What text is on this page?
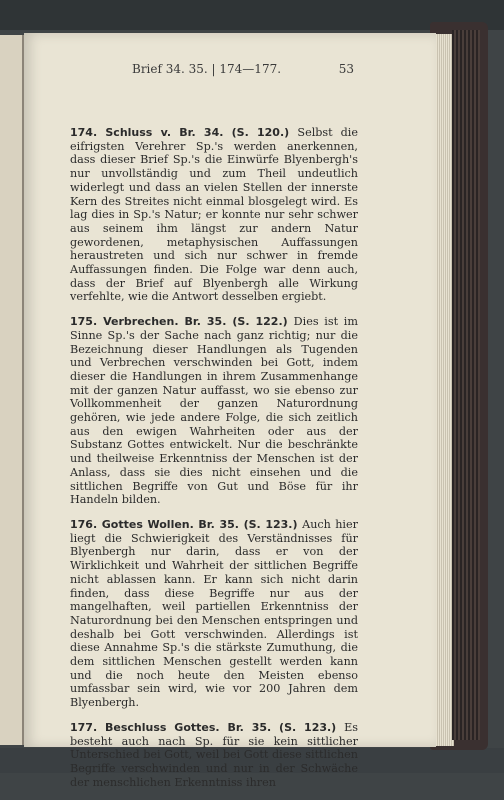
Brief 34. 35. | 174—177.	53

174. Schluss v. Br. 34. (S. 120.) Selbst die eifrigsten Verehrer Sp.'s werden anerkennen, dass dieser Brief Sp.'s die Einwürfe Blyenbergh's nur unvollständig und zum Theil undeutlich widerlegt und dass an vielen Stellen der innerste Kern des Streites nicht einmal blosgelegt wird. Es lag dies in Sp.'s Natur; er konnte nur sehr schwer aus seinem ihm längst zur andern Natur gewordenen, metaphysischen Auffassungen heraustreten und sich nur schwer in fremde Auffassungen finden. Die Folge war denn auch, dass der Brief auf Blyenbergh alle Wirkung verfehlte, wie die Antwort desselben ergiebt.

175. Verbrechen. Br. 35. (S. 122.) Dies ist im Sinne Sp.'s der Sache nach ganz richtig; nur die Bezeichnung dieser Handlungen als Tugenden und Verbrechen verschwinden bei Gott, indem dieser die Handlungen in ihrem Zusammenhange mit der ganzen Natur auffasst, wo sie ebenso zur Vollkommenheit der ganzen Naturordnung gehören, wie jede andere Folge, die sich zeitlich aus den ewigen Wahrheiten oder aus der Substanz Gottes entwickelt. Nur die beschränkte und theilweise Erkenntniss der Menschen ist der Anlass, dass sie dies nicht einsehen und die sittlichen Begriffe von Gut und Böse für ihr Handeln bilden.

176. Gottes Wollen. Br. 35. (S. 123.) Auch hier liegt die Schwierigkeit des Verständnisses für Blyenbergh nur darin, dass er von der Wirklichkeit und Wahrheit der sittlichen Begriffe nicht ablassen kann. Er kann sich nicht darin finden, dass diese Begriffe nur aus der mangelhaften, weil partiellen Erkenntniss der Naturordnung bei den Menschen entspringen und deshalb bei Gott verschwinden. Allerdings ist diese Annahme Sp.'s die stärkste Zumuthung, die dem sittlichen Menschen gestellt werden kann und die noch heute den Meisten ebenso umfassbar sein wird, wie vor 200 Jahren dem Blyenbergh.

177. Beschluss Gottes. Br. 35. (S. 123.) Es besteht auch nach Sp. für sie kein sittlicher Unterschied bei Gott, weil bei Gott diese sittlichen Begriffe verschwinden und nur in der Schwäche der menschlichen Erkenntniss ihren
